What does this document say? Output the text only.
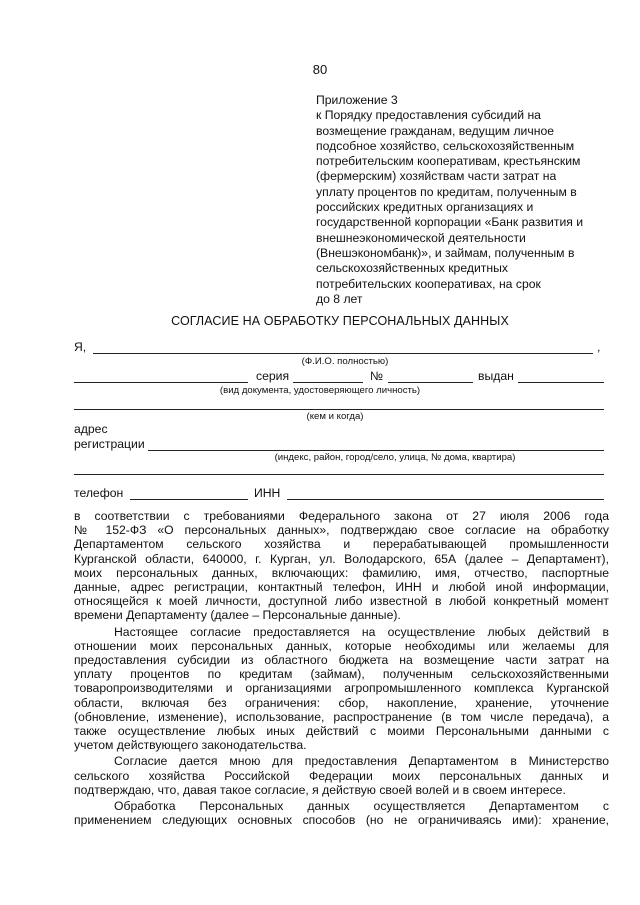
80
Приложение 3
к Порядку предоставления субсидий на
возмещение гражданам, ведущим личное
подсобное хозяйство, сельскохозяйственным
потребительским кооперативам, крестьянским
(фермерским) хозяйствам части затрат на
уплату процентов по кредитам, полученным в
российских кредитных организациях и
государственной корпорации «Банк развития и
внешнеэкономической деятельности
(Внешэкономбанк)», и займам, полученным в
сельскохозяйственных кредитных
потребительских кооперативах, на срок
до 8 лет
СОГЛАСИЕ НА ОБРАБОТКУ ПЕРСОНАЛЬНЫХ ДАННЫХ
Я,	,
(Ф.И.О. полностью)
серия	№	выдан
(вид документа, удостоверяющего личность)
(кем и когда)
адрес
регистрации
(индекс, район, город/село, улица, № дома, квартира)
телефон	ИНН

в соответствии с требованиями Федерального закона от 27 июля 2006 года
№ 152-ФЗ «О персональных данных», подтверждаю свое согласие на обработку
Департаментом сельского хозяйства и перерабатывающей промышленности
Курганской области, 640000, г. Курган, ул. Володарского, 65А (далее – Департамент),
моих персональных данных, включающих: фамилию, имя, отчество, паспортные
данные, адрес регистрации, контактный телефон, ИНН и любой иной информации,
относящейся к моей личности, доступной либо известной в любой конкретный момент
времени Департаменту (далее – Персональные данные).

Настоящее согласие предоставляется на осуществление любых действий в
отношении моих персональных данных, которые необходимы или желаемы для
предоставления субсидии из областного бюджета на возмещение части затрат на
уплату процентов по кредитам (займам), полученным сельскохозяйственными
товаропроизводителями и организациями агропромышленного комплекса Курганской
области, включая без ограничения: сбор, накопление, хранение, уточнение
(обновление, изменение), использование, распространение (в том числе передача), а
также осуществление любых иных действий с моими Персональными данными с
учетом действующего законодательства.

Согласие дается мною для предоставления Департаментом в Министерство
сельского хозяйства Российской Федерации моих персональных данных и
подтверждаю, что, давая такое согласие, я действую своей волей и в своем интересе.

Обработка Персональных данных осуществляется Департаментом с
применением следующих основных способов (но не ограничиваясь ими): хранение,
